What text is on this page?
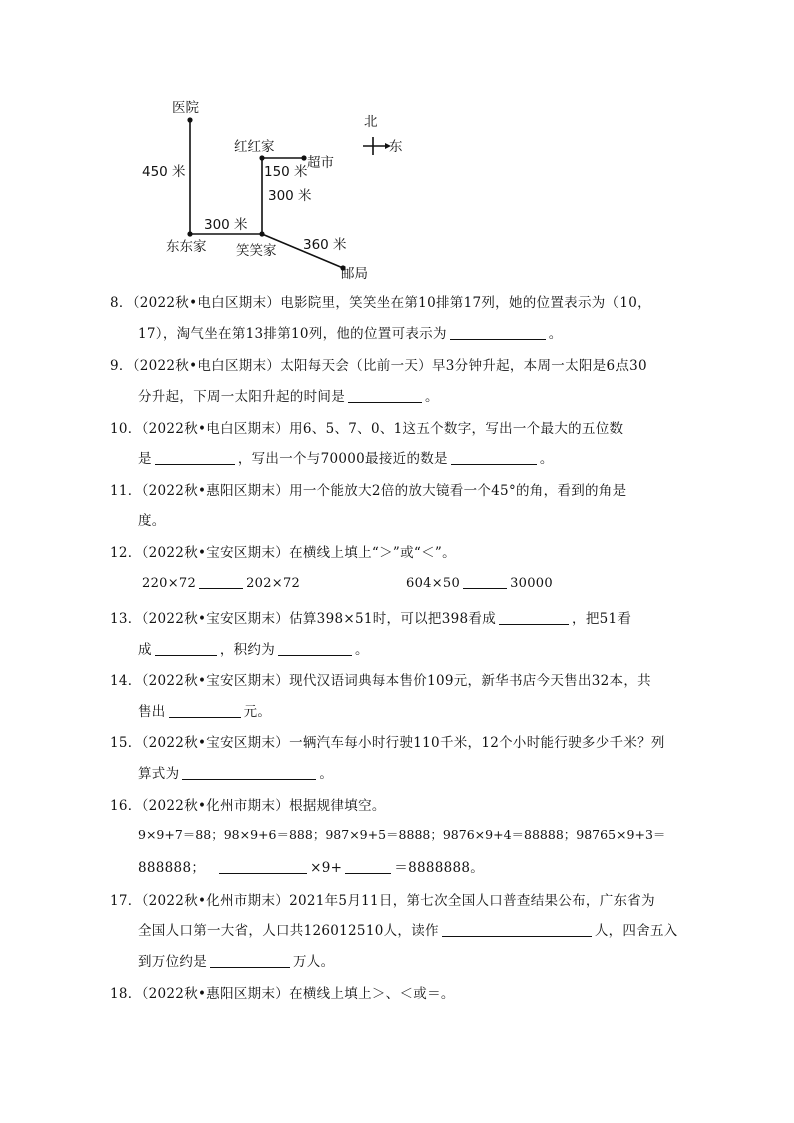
北
东
医院
红红家
超市
东东家 笑笑家
邮局
450 米	150 米
300 米
300 米
360 米
8．（2022秋•电白区期末）电影院里，笑笑坐在第10排第17列，她的位置表示为（10，
17），淘气坐在第13排第10列，他的位置可表示为	。
9．（2022秋•电白区期末）太阳每天会（比前一天）早3分钟升起，本周一太阳是6点30
分升起，下周一太阳升起的时间是	。
10．（2022秋•电白区期末）用6、5、7、0、1这五个数字，写出一个最大的五位数
是	，写出一个与70000最接近的数是	。
11．（2022秋•惠阳区期末）用一个能放大2倍的放大镜看一个45°的角，看到的角是
度。
12．（2022秋•宝安区期末）在横线上填上“＞”或“＜”。
220×72	202×72	604×50	30000
13．（2022秋•宝安区期末）估算398×51时，可以把398看成	，把51看
成	，积约为	。
14．（2022秋•宝安区期末）现代汉语词典每本售价109元，新华书店今天售出32本，共
售出	元。
15．（2022秋•宝安区期末）一辆汽车每小时行驶110千米，12个小时能行驶多少千米？列
算式为	。
16．（2022秋•化州市期末）根据规律填空。
9×9+7＝88；98×9+6＝888；987×9+5＝8888；9876×9+4＝88888；98765×9+3＝
888888；	×9+	＝8888888。
17．（2022秋•化州市期末）2021年5月11日，第七次全国人口普查结果公布，广东省为
全国人口第一大省，人口共126012510人，读作	人，四舍五入
到万位约是	万人。
18．（2022秋•惠阳区期末）在横线上填上＞、＜或＝。
